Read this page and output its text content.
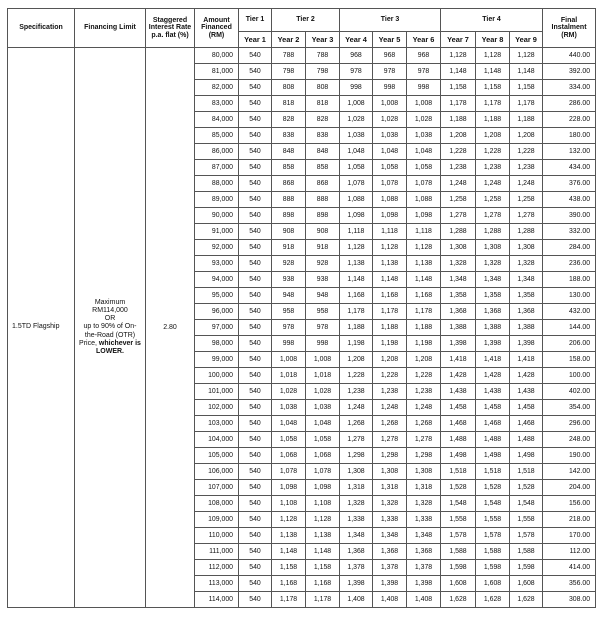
Specification	Financing Limit	Staggered Interest Rate p.a. flat (%)	Amount Financed (RM)	Tier 1	Tier 2		Tier 3			Tier 4			Final Instalment (RM)
				Year 1	Year 2	Year 3	Year 4	Year 5	Year 6	Year 7	Year 8	Year 9	
1.5TD Flagship	Maximum
RM114,000
OR
up to 90% of On-the-Road (OTR) Price, whichever is LOWER.	2.80	80,000	540	788	788	968	968	968	1,128	1,128	1,128	440.00
			81,000	540	798	798	978	978	978	1,148	1,148	1,148	392.00
			82,000	540	808	808	998	998	998	1,158	1,158	1,158	334.00
			83,000	540	818	818	1,008	1,008	1,008	1,178	1,178	1,178	286.00
			84,000	540	828	828	1,028	1,028	1,028	1,188	1,188	1,188	228.00
			85,000	540	838	838	1,038	1,038	1,038	1,208	1,208	1,208	180.00
			86,000	540	848	848	1,048	1,048	1,048	1,228	1,228	1,228	132.00
			87,000	540	858	858	1,058	1,058	1,058	1,238	1,238	1,238	434.00
			88,000	540	868	868	1,078	1,078	1,078	1,248	1,248	1,248	376.00
			89,000	540	888	888	1,088	1,088	1,088	1,258	1,258	1,258	438.00
			90,000	540	898	898	1,098	1,098	1,098	1,278	1,278	1,278	390.00
			91,000	540	908	908	1,118	1,118	1,118	1,288	1,288	1,288	332.00
			92,000	540	918	918	1,128	1,128	1,128	1,308	1,308	1,308	284.00
			93,000	540	928	928	1,138	1,138	1,138	1,328	1,328	1,328	236.00
			94,000	540	938	938	1,148	1,148	1,148	1,348	1,348	1,348	188.00
			95,000	540	948	948	1,168	1,168	1,168	1,358	1,358	1,358	130.00
			96,000	540	958	958	1,178	1,178	1,178	1,368	1,368	1,368	432.00
			97,000	540	978	978	1,188	1,188	1,188	1,388	1,388	1,388	144.00
			98,000	540	998	998	1,198	1,198	1,198	1,398	1,398	1,398	206.00
			99,000	540	1,008	1,008	1,208	1,208	1,208	1,418	1,418	1,418	158.00
			100,000	540	1,018	1,018	1,228	1,228	1,228	1,428	1,428	1,428	100.00
			101,000	540	1,028	1,028	1,238	1,238	1,238	1,438	1,438	1,438	402.00
			102,000	540	1,038	1,038	1,248	1,248	1,248	1,458	1,458	1,458	354.00
			103,000	540	1,048	1,048	1,268	1,268	1,268	1,468	1,468	1,468	296.00
			104,000	540	1,058	1,058	1,278	1,278	1,278	1,488	1,488	1,488	248.00
			105,000	540	1,068	1,068	1,298	1,298	1,298	1,498	1,498	1,498	190.00
			106,000	540	1,078	1,078	1,308	1,308	1,308	1,518	1,518	1,518	142.00
			107,000	540	1,098	1,098	1,318	1,318	1,318	1,528	1,528	1,528	204.00
			108,000	540	1,108	1,108	1,328	1,328	1,328	1,548	1,548	1,548	156.00
			109,000	540	1,128	1,128	1,338	1,338	1,338	1,558	1,558	1,558	218.00
			110,000	540	1,138	1,138	1,348	1,348	1,348	1,578	1,578	1,578	170.00
			111,000	540	1,148	1,148	1,368	1,368	1,368	1,588	1,588	1,588	112.00
			112,000	540	1,158	1,158	1,378	1,378	1,378	1,598	1,598	1,598	414.00
			113,000	540	1,168	1,168	1,398	1,398	1,398	1,608	1,608	1,608	356.00
			114,000	540	1,178	1,178	1,408	1,408	1,408	1,628	1,628	1,628	308.00
